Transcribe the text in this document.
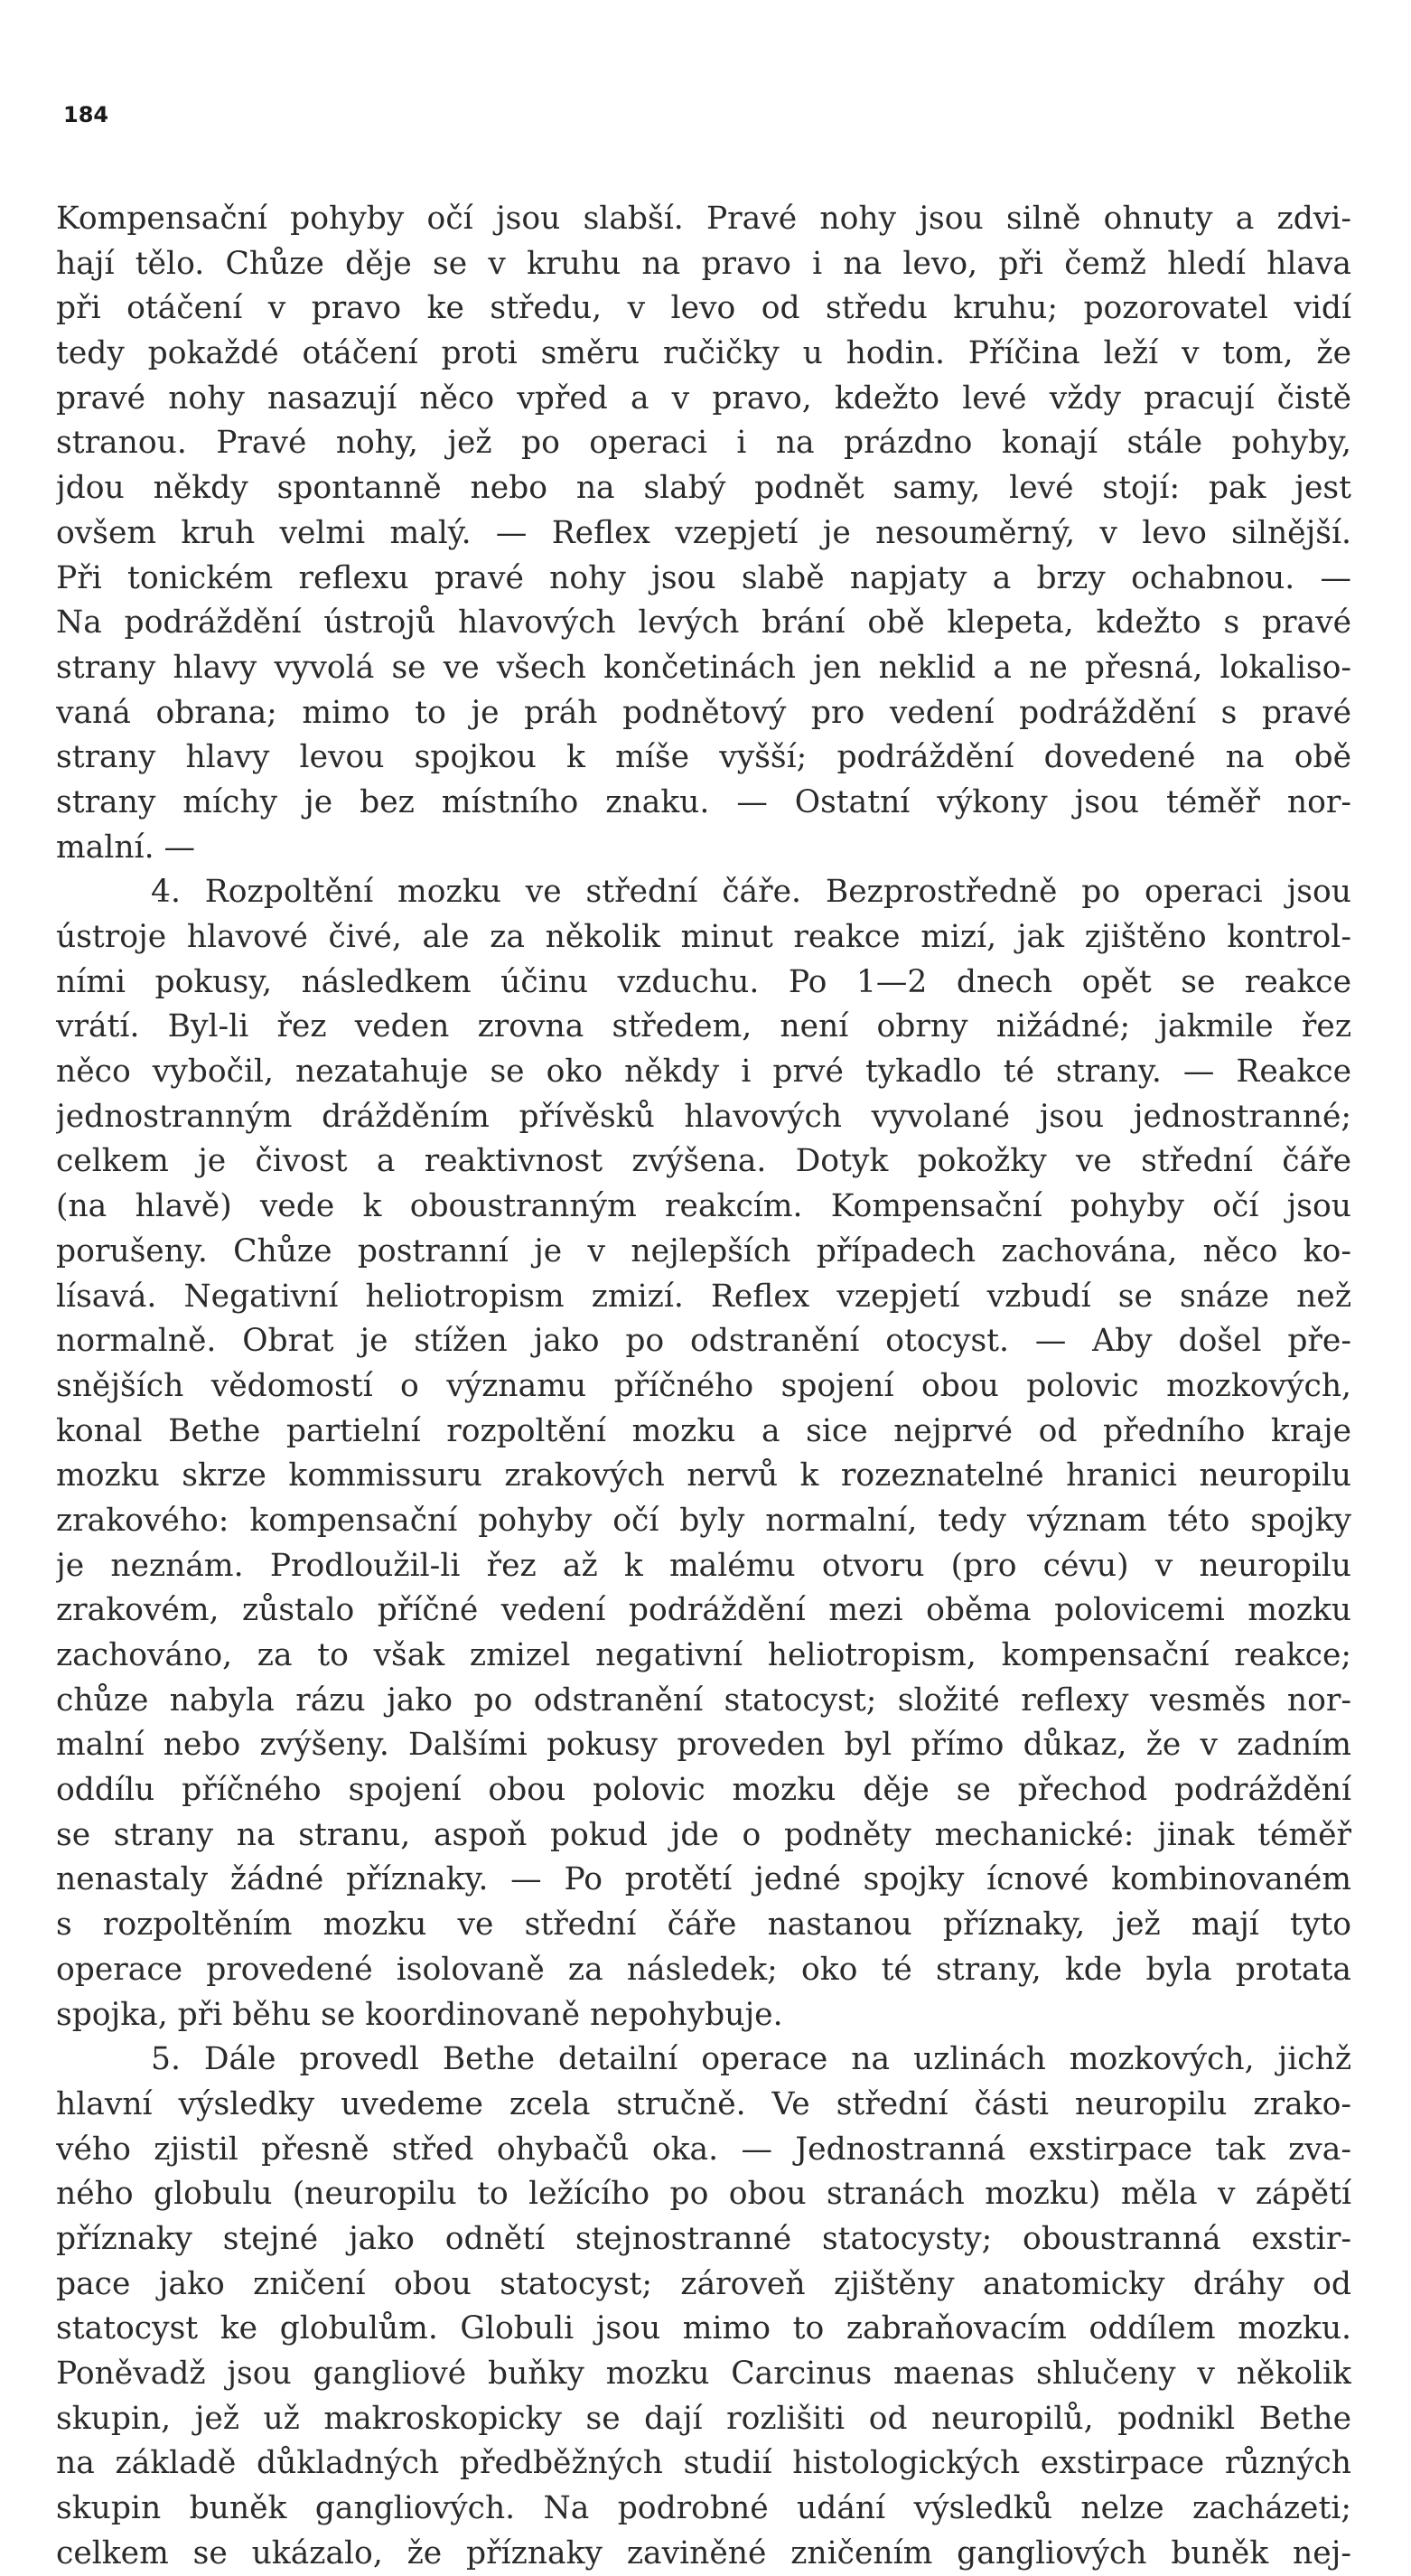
184
Kompensační pohyby očí jsou slabší. Pravé nohy jsou silně ohnuty a zdvi-
hají tělo. Chůze děje se v kruhu na pravo i na levo, při čemž hledí hlava
při otáčení v pravo ke středu, v levo od středu kruhu; pozorovatel vidí
tedy pokaždé otáčení proti směru ručičky u hodin. Příčina leží v tom, že
pravé nohy nasazují něco vpřed a v pravo, kdežto levé vždy pracují čistě
stranou. Pravé nohy, jež po operaci i na prázdno konají stále pohyby,
jdou někdy spontanně nebo na slabý podnět samy, levé stojí: pak jest
ovšem kruh velmi malý. — Reflex vzepjetí je nesouměrný, v levo silnější.
Při tonickém reflexu pravé nohy jsou slabě napjaty a brzy ochabnou. —
Na podráždění ústrojů hlavových levých brání obě klepeta, kdežto s pravé
strany hlavy vyvolá se ve všech končetinách jen neklid a ne přesná, lokaliso-
vaná obrana; mimo to je práh podnětový pro vedení podráždění s pravé
strany hlavy levou spojkou k míše vyšší; podráždění dovedené na obě
strany míchy je bez místního znaku. — Ostatní výkony jsou téměř nor-
malní. —
4. Rozpoltění mozku ve střední čáře. Bezprostředně po operaci jsou
ústroje hlavové čivé, ale za několik minut reakce mizí, jak zjištěno kontrol-
ními pokusy, následkem účinu vzduchu. Po 1—2 dnech opět se reakce
vrátí. Byl-li řez veden zrovna středem, není obrny nižádné; jakmile řez
něco vybočil, nezatahuje se oko někdy i prvé tykadlo té strany. — Reakce
jednostranným drážděním přívěsků hlavových vyvolané jsou jednostranné;
celkem je čivost a reaktivnost zvýšena. Dotyk pokožky ve střední čáře
(na hlavě) vede k oboustranným reakcím. Kompensační pohyby očí jsou
porušeny. Chůze postranní je v nejlepších případech zachována, něco ko-
lísavá. Negativní heliotropism zmizí. Reflex vzepjetí vzbudí se snáze než
normalně. Obrat je stížen jako po odstranění otocyst. — Aby došel pře-
snějších vědomostí o významu příčného spojení obou polovic mozkových,
konal Bethe partielní rozpoltění mozku a sice nejprvé od předního kraje
mozku skrze kommissuru zrakových nervů k rozeznatelné hranici neuropilu
zrakového: kompensační pohyby očí byly normalní, tedy význam této spojky
je neznám. Prodloužil-li řez až k malému otvoru (pro cévu) v neuropilu
zrakovém, zůstalo příčné vedení podráždění mezi oběma polovicemi mozku
zachováno, za to však zmizel negativní heliotropism, kompensační reakce;
chůze nabyla rázu jako po odstranění statocyst; složité reflexy vesměs nor-
malní nebo zvýšeny. Dalšími pokusy proveden byl přímo důkaz, že v zadním
oddílu příčného spojení obou polovic mozku děje se přechod podráždění
se strany na stranu, aspoň pokud jde o podněty mechanické: jinak téměř
nenastaly žádné příznaky. — Po protětí jedné spojky ícnové kombinovaném
s rozpoltěním mozku ve střední čáře nastanou příznaky, jež mají tyto
operace provedené isolovaně za následek; oko té strany, kde byla protata
spojka, při běhu se koordinovaně nepohybuje.
5. Dále provedl Bethe detailní operace na uzlinách mozkových, jichž
hlavní výsledky uvedeme zcela stručně. Ve střední části neuropilu zrako-
vého zjistil přesně střed ohybačů oka. — Jednostranná exstirpace tak zva-
ného globulu (neuropilu to ležícího po obou stranách mozku) měla v zápětí
příznaky stejné jako odnětí stejnostranné statocysty; oboustranná exstir-
pace jako zničení obou statocyst; zároveň zjištěny anatomicky dráhy od
statocyst ke globulům. Globuli jsou mimo to zabraňovacím oddílem mozku.
Poněvadž jsou gangliové buňky mozku Carcinus maenas shlučeny v několik
skupin, jež už makroskopicky se dají rozlišiti od neuropilů, podnikl Bethe
na základě důkladných předběžných studií histologických exstirpace různých
skupin buněk gangliových. Na podrobné udání výsledků nelze zacházeti;
celkem se ukázalo, že příznaky zaviněné zničením gangliových buněk nej-
